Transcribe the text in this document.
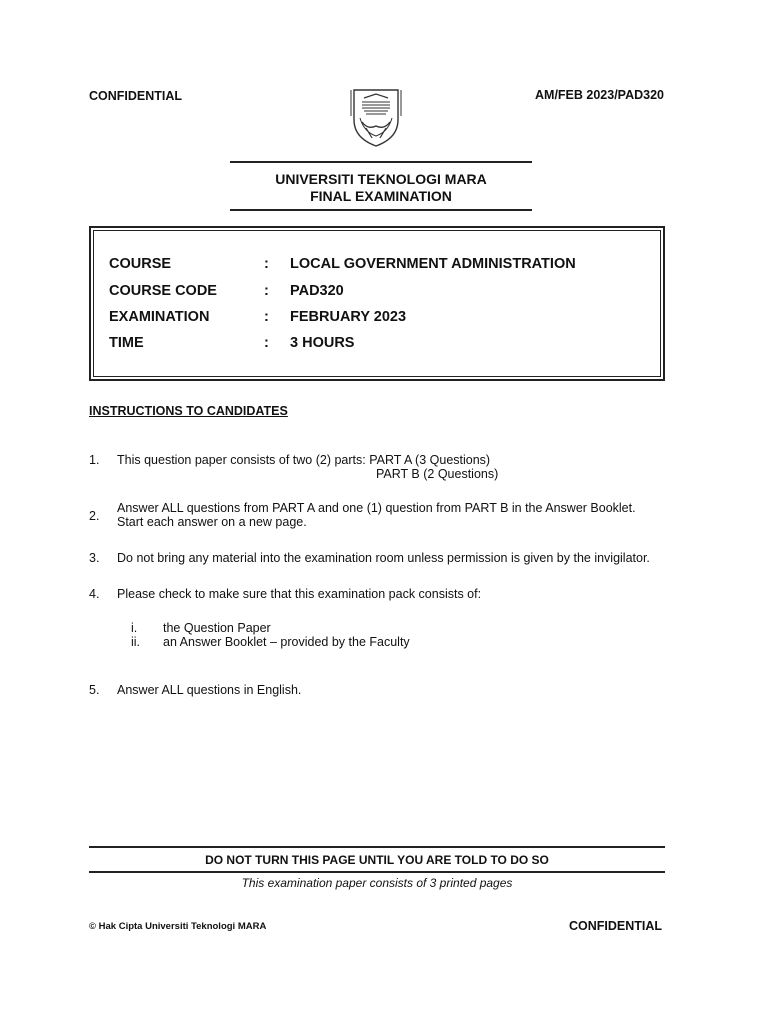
CONFIDENTIAL	AM/FEB 2023/PAD320
UNIVERSITI TEKNOLOGI MARA
FINAL EXAMINATION
COURSE	: LOCAL GOVERNMENT ADMINISTRATION
COURSE CODE	: PAD320
EXAMINATION	: FEBRUARY 2023
TIME	: 3 HOURS
INSTRUCTIONS TO CANDIDATES
1. This question paper consists of two (2) parts: PART A (3 Questions)
PART B (2 Questions)
2.
Answer ALL questions from PART A and one (1) question from PART B in the Answer Booklet.
Start each answer on a new page.
3. Do not bring any material into the examination room unless permission is given by the invigilator.
4. Please check to make sure that this examination pack consists of:
i. the Question Paper
ii. an Answer Booklet – provided by the Faculty
5. Answer ALL questions in English.
DO NOT TURN THIS PAGE UNTIL YOU ARE TOLD TO DO SO
This examination paper consists of 3 printed pages
© Hak Cipta Universiti Teknologi MARA	CONFIDENTIAL
